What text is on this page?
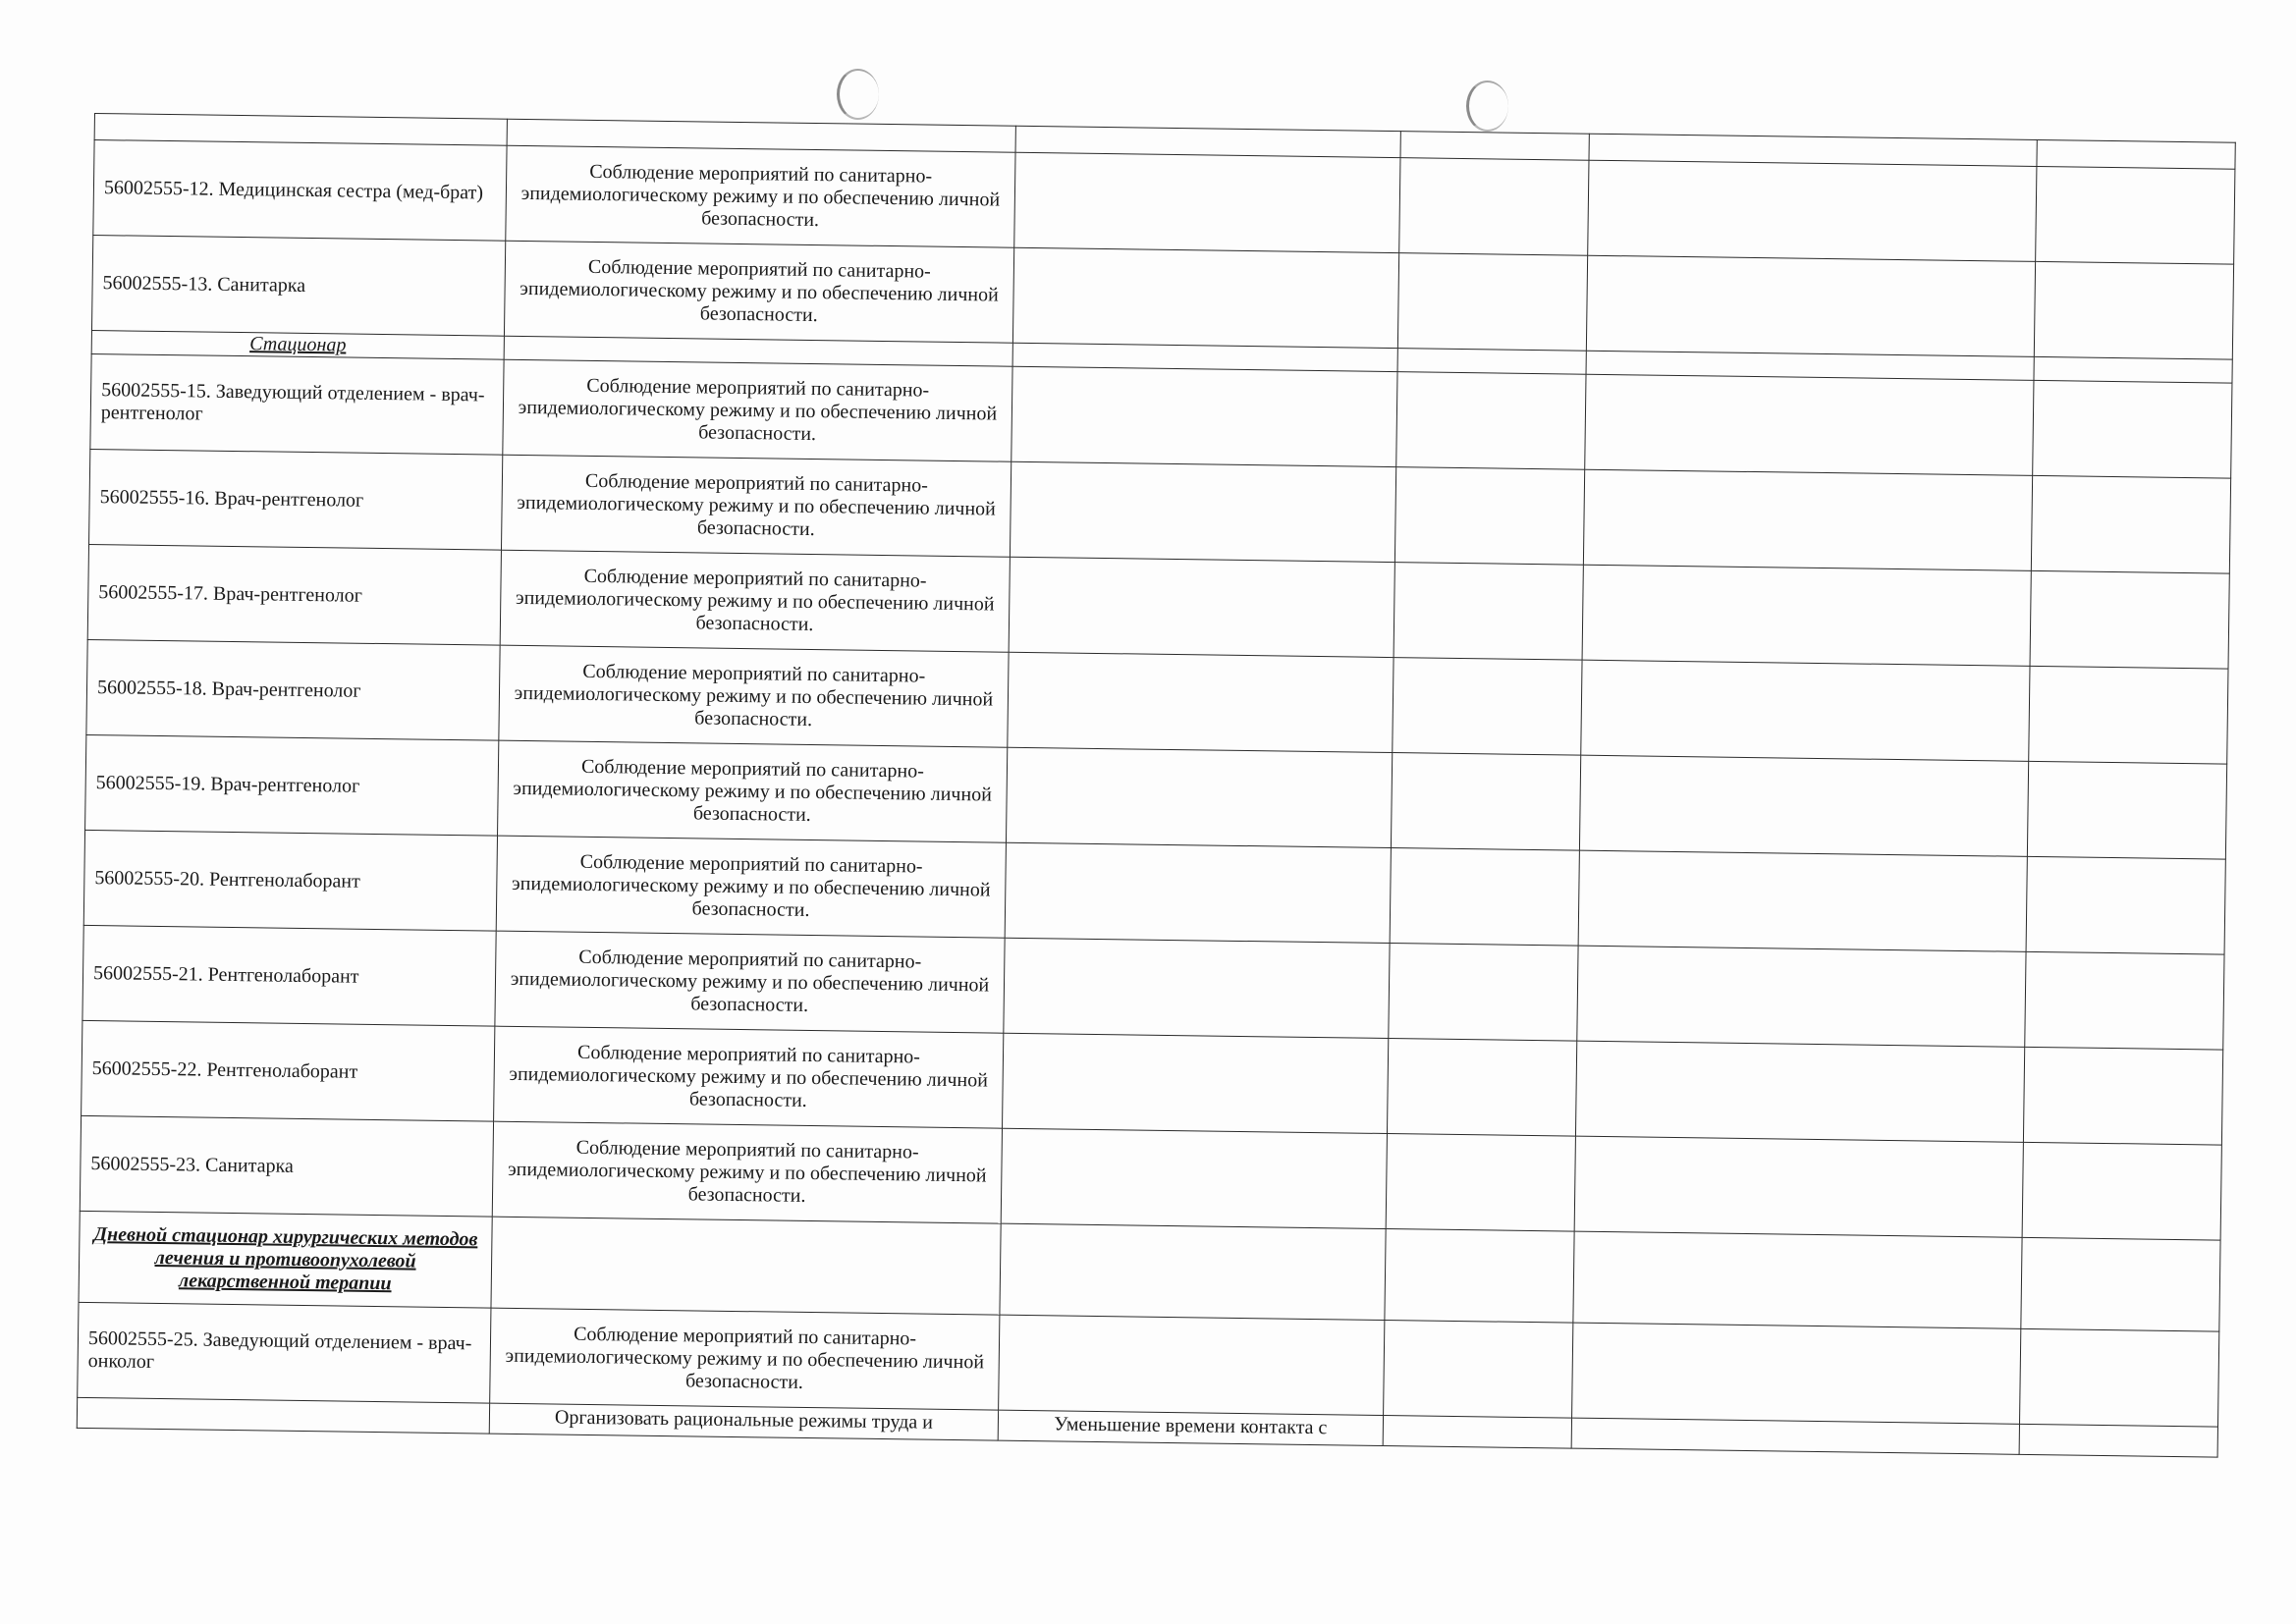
56002555-12. Медицинская сестра (мед-брат)	Соблюдение мероприятий по санитарно-эпидемиологическому режиму и по обеспечению личной безопасности.				
56002555-13. Санитарка	Соблюдение мероприятий по санитарно-эпидемиологическому режиму и по обеспечению личной безопасности.				
Стационар					
56002555-15. Заведующий отделением - врач-рентгенолог	Соблюдение мероприятий по санитарно-эпидемиологическому режиму и по обеспечению личной безопасности.				
56002555-16. Врач-рентгенолог	Соблюдение мероприятий по санитарно-эпидемиологическому режиму и по обеспечению личной безопасности.				
56002555-17. Врач-рентгенолог	Соблюдение мероприятий по санитарно-эпидемиологическому режиму и по обеспечению личной безопасности.				
56002555-18. Врач-рентгенолог	Соблюдение мероприятий по санитарно-эпидемиологическому режиму и по обеспечению личной безопасности.				
56002555-19. Врач-рентгенолог	Соблюдение мероприятий по санитарно-эпидемиологическому режиму и по обеспечению личной безопасности.				
56002555-20. Рентгенолаборант	Соблюдение мероприятий по санитарно-эпидемиологическому режиму и по обеспечению личной безопасности.				
56002555-21. Рентгенолаборант	Соблюдение мероприятий по санитарно-эпидемиологическому режиму и по обеспечению личной безопасности.				
56002555-22. Рентгенолаборант	Соблюдение мероприятий по санитарно-эпидемиологическому режиму и по обеспечению личной безопасности.				
56002555-23. Санитарка	Соблюдение мероприятий по санитарно-эпидемиологическому режиму и по обеспечению личной безопасности.				
Дневной стационар хирургических методов лечения и противоопухолевой лекарственной терапии					
56002555-25. Заведующий отделением - врач-онколог	Соблюдение мероприятий по санитарно-эпидемиологическому режиму и по обеспечению личной безопасности.				
	Организовать рациональные режимы труда и	Уменьшение времени контакта с			
